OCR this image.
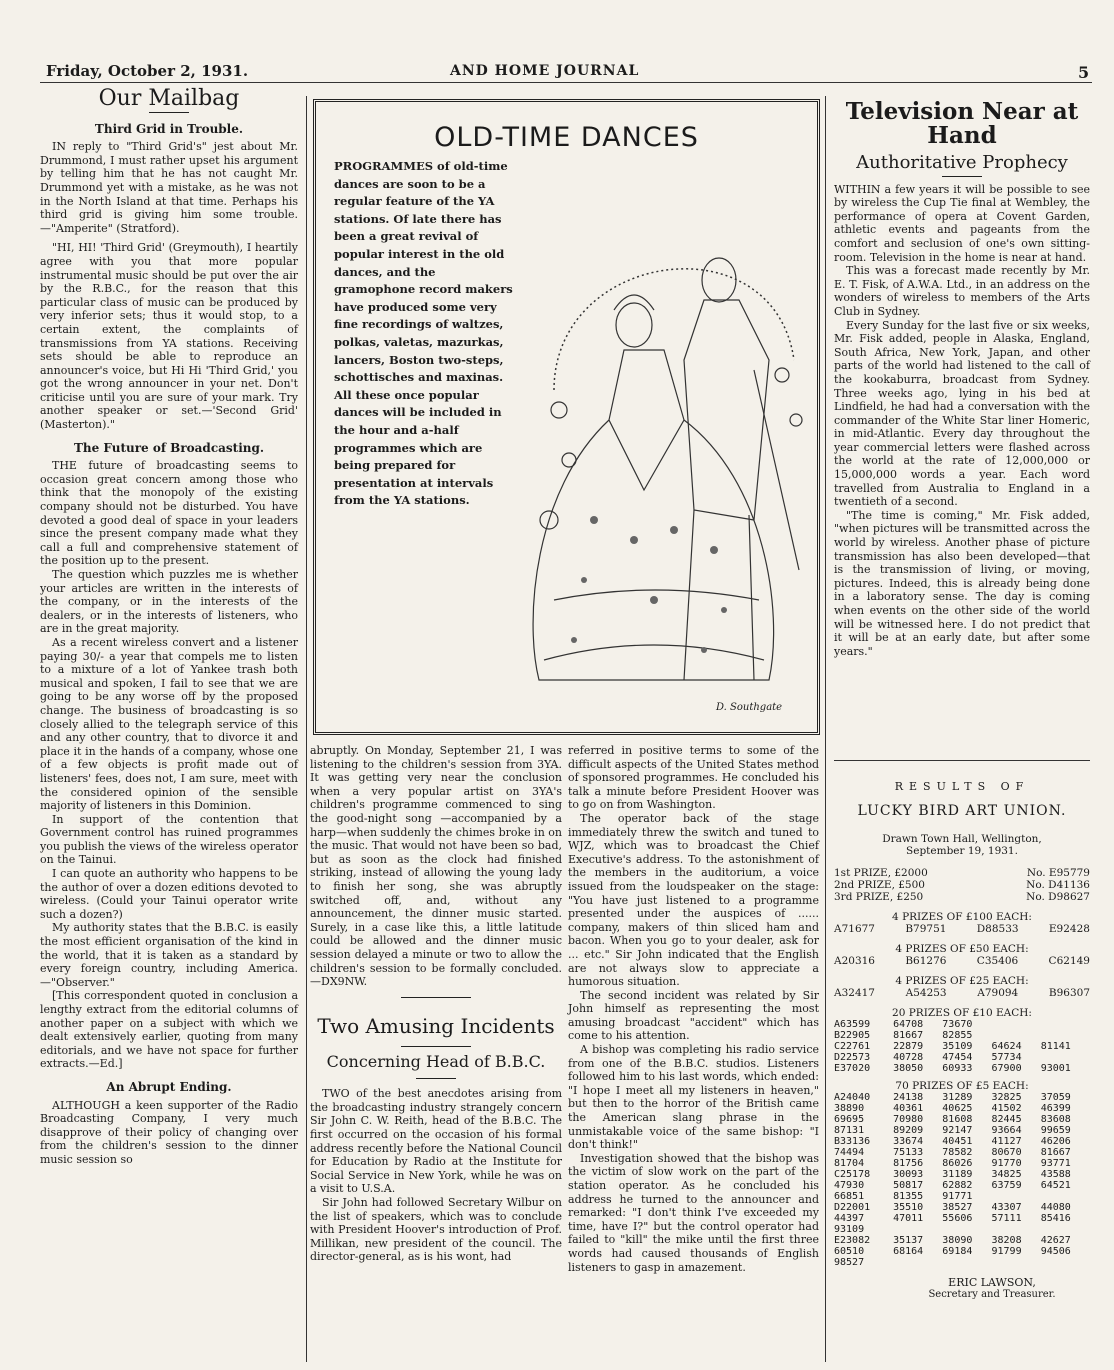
Friday, October 2, 1931.	AND HOME JOURNAL	5
Our Mailbag
Third Grid in Trouble.

IN reply to "Third Grid's" jest about Mr. Drummond, I must rather upset his argument by telling him that he has not caught Mr. Drummond yet with a mistake, as he was not in the North Island at that time. Perhaps his third grid is giving him some trouble.—"Amperite" (Stratford).

"HI, HI! 'Third Grid' (Greymouth), I heartily agree with you that more popular instrumental music should be put over the air by the R.B.C., for the reason that this particular class of music can be produced by very inferior sets; thus it would stop, to a certain extent, the complaints of transmissions from YA stations. Receiving sets should be able to reproduce an announcer's voice, but Hi Hi 'Third Grid,' you got the wrong announcer in your net. Don't criticise until you are sure of your mark. Try another speaker or set.—'Second Grid' (Masterton)."

The Future of Broadcasting.

THE future of broadcasting seems to occasion great concern among those who think that the monopoly of the existing company should not be disturbed. You have devoted a good deal of space in your leaders since the present company made what they call a full and comprehensive statement of the position up to the present.

The question which puzzles me is whether your articles are written in the interests of the company, or in the interests of the dealers, or in the interests of listeners, who are in the great majority.

As a recent wireless convert and a listener paying 30/- a year that compels me to listen to a mixture of a lot of Yankee trash both musical and spoken, I fail to see that we are going to be any worse off by the proposed change. The business of broadcasting is so closely allied to the telegraph service of this and any other country, that to divorce it and place it in the hands of a company, whose one of a few objects is profit made out of listeners' fees, does not, I am sure, meet with the considered opinion of the sensible majority of listeners in this Dominion.

In support of the contention that Government control has ruined programmes you publish the views of the wireless operator on the Tainui.

I can quote an authority who happens to be the author of over a dozen editions devoted to wireless. (Could your Tainui operator write such a dozen?)

My authority states that the B.B.C. is easily the most efficient organisation of the kind in the world, that it is taken as a standard by every foreign country, including America.—"Observer."

[This correspondent quoted in conclusion a lengthy extract from the editorial columns of another paper on a subject with which we dealt extensively earlier, quoting from many editorials, and we have not space for further extracts.—Ed.]

An Abrupt Ending.

ALTHOUGH a keen supporter of the Radio Broadcasting Company, I very much disapprove of their policy of changing over from the children's session to the dinner music session so

OLD-TIME DANCES
PROGRAMMES of old-time dances are soon to be a regular feature of the YA stations. Of late there has been a great revival of popular interest in the old dances, and the gramophone record makers have produced some very fine recordings of waltzes, polkas, valetas, mazurkas, lancers, Boston two-steps, schottisches and maxinas. All these once popular dances will be included in the hour and a-half programmes which are being prepared for presentation at intervals from the YA stations.
D. Southgate

abruptly. On Monday, September 21, I was listening to the children's session from 3YA. It was getting very near the conclusion when a very popular artist on 3YA's children's programme commenced to sing the good-night song —accompanied by a harp—when suddenly the chimes broke in on the music. That would not have been so bad, but as soon as the clock had finished striking, instead of allowing the young lady to finish her song, she was abruptly switched off, and, without any announcement, the dinner music started. Surely, in a case like this, a little latitude could be allowed and the dinner music session delayed a minute or two to allow the children's session to be formally concluded.—DX9NW.

Two Amusing Incidents
Concerning Head of B.B.C.

TWO of the best anecdotes arising from the broadcasting industry strangely concern Sir John C. W. Reith, head of the B.B.C. The first occurred on the occasion of his formal address recently before the National Council for Education by Radio at the Institute for Social Service in New York, while he was on a visit to U.S.A.

Sir John had followed Secretary Wilbur on the list of speakers, which was to conclude with President Hoover's introduction of Prof. Millikan, new president of the council. The director-general, as is his wont, had

referred in positive terms to some of the difficult aspects of the United States method of sponsored programmes. He concluded his talk a minute before President Hoover was to go on from Washington.

The operator back of the stage immediately threw the switch and tuned to WJZ, which was to broadcast the Chief Executive's address. To the astonishment of the members in the auditorium, a voice issued from the loudspeaker on the stage: "You have just listened to a programme presented under the auspices of ...... company, makers of thin sliced ham and bacon. When you go to your dealer, ask for ... etc." Sir John indicated that the English are not always slow to appreciate a humorous situation.

The second incident was related by Sir John himself as representing the most amusing broadcast "accident" which has come to his attention.

A bishop was completing his radio service from one of the B.B.C. studios. Listeners followed him to his last words, which ended: "I hope I meet all my listeners in heaven," but then to the horror of the British came the American slang phrase in the unmistakable voice of the same bishop: "I don't think!"

Investigation showed that the bishop was the victim of slow work on the part of the station operator. As he concluded his address he turned to the announcer and remarked: "I don't think I've exceeded my time, have I?" but the control operator had failed to "kill" the mike until the first three words had caused thousands of English listeners to gasp in amazement.

Television Near at Hand
Authoritative Prophecy

WITHIN a few years it will be possible to see by wireless the Cup Tie final at Wembley, the performance of opera at Covent Garden, athletic events and pageants from the comfort and seclusion of one's own sitting-room. Television in the home is near at hand.

This was a forecast made recently by Mr. E. T. Fisk, of A.W.A. Ltd., in an address on the wonders of wireless to members of the Arts Club in Sydney.

Every Sunday for the last five or six weeks, Mr. Fisk added, people in Alaska, England, South Africa, New York, Japan, and other parts of the world had listened to the call of the kookaburra, broadcast from Sydney. Three weeks ago, lying in his bed at Lindfield, he had had a conversation with the commander of the White Star liner Homeric, in mid-Atlantic. Every day throughout the year commercial letters were flashed across the world at the rate of 12,000,000 or 15,000,000 words a year. Each word travelled from Australia to England in a twentieth of a second.

"The time is coming," Mr. Fisk added, "when pictures will be transmitted across the world by wireless. Another phase of picture transmission has also been developed—that is the transmission of living, or moving, pictures. Indeed, this is already being done in a laboratory sense. The day is coming when events on the other side of the world will be witnessed here. I do not predict that it will be at an early date, but after some years."

RESULTS OF
LUCKY BIRD ART UNION.
Drawn Town Hall, Wellington,
September 19, 1931.
1st PRIZE, £2000	No. E95779
2nd PRIZE, £500	No. D41136
3rd PRIZE, £250	No. D98627
4 PRIZES OF £100 EACH:
A71677	B79751	D88533	E92428
4 PRIZES OF £50 EACH:
A20316	B61276	C35406	C62149
4 PRIZES OF £25 EACH:
A32417	A54253	A79094	B96307
20 PRIZES OF £10 EACH:
A63599	64708	73670		
B22905	81667	82855		
C22761	22879	35109	64624	81141
D22573	40728	47454	57734	
E37020	38050	60933	67900	93001
70 PRIZES OF £5 EACH:
A24040	24138	31289	32825	37059
38890	40361	40625	41502	46399
69695	70980	81608	82445	83608
87131	89209	92147	93664	99659
B33136	33674	40451	41127	46206
74494	75133	78582	80670	81667
81704	81756	86026	91770	93771
C25178	30093	31189	34825	43588
47930	50817	62882	63759	64521
66851	81355	91771		
D22001	35510	38527	43307	44080
44397	47011	55606	57111	85416
93109				
E23082	35137	38090	38208	42627
60510	68164	69184	91799	94506
98527				
ERIC LAWSON,
Secretary and Treasurer.
